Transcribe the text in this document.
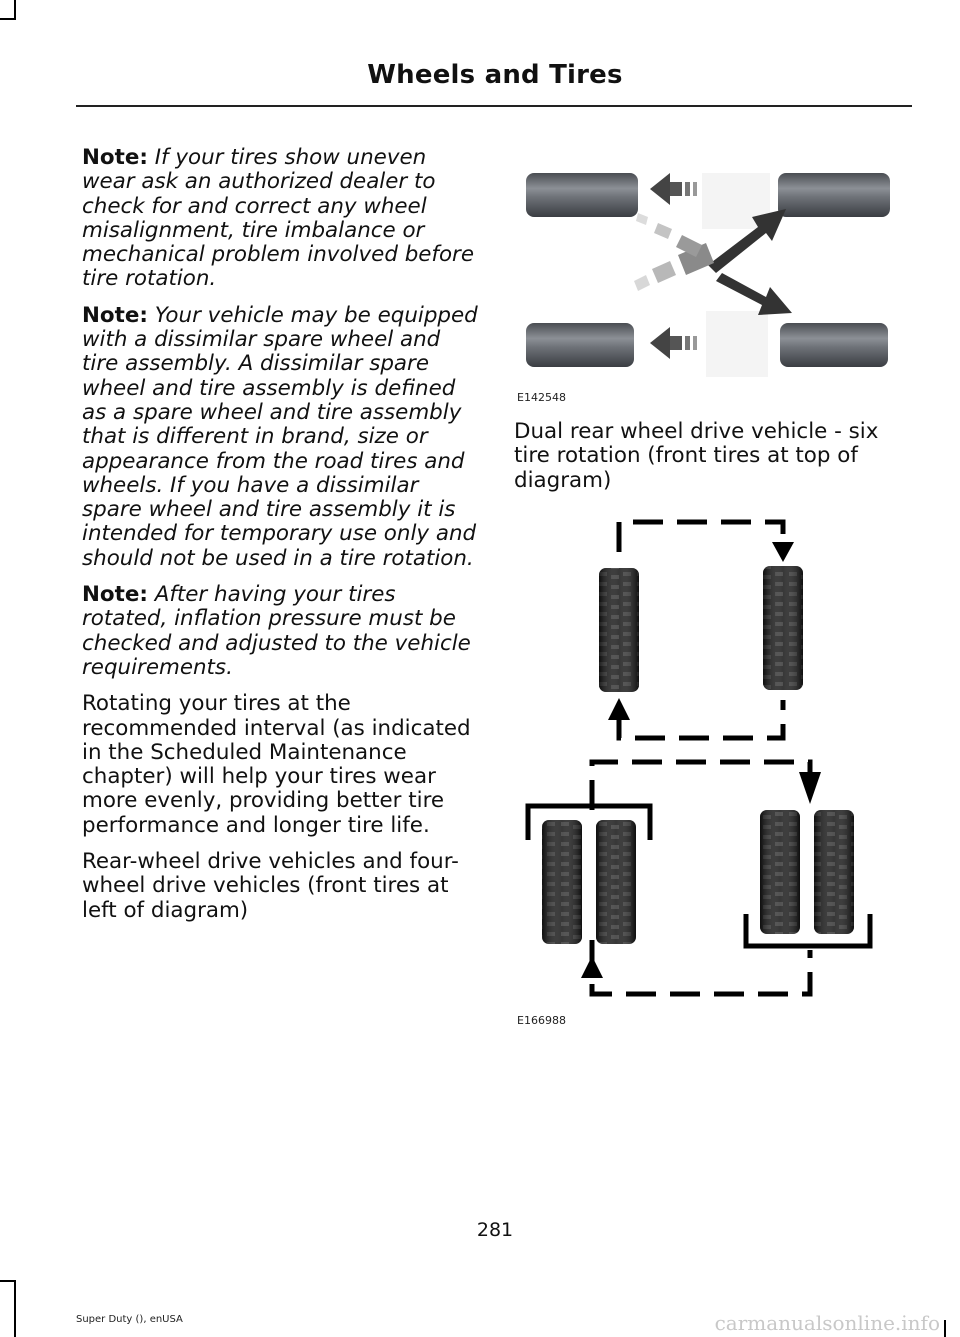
Wheels and Tires

Note: If your tires show uneven wear ask an authorized dealer to check for and correct any wheel misalignment, tire imbalance or mechanical problem involved before tire rotation.

Note: Your vehicle may be equipped with a dissimilar spare wheel and tire assembly. A dissimilar spare wheel and tire assembly is defined as a spare wheel and tire assembly that is different in brand, size or appearance from the road tires and wheels. If you have a dissimilar spare wheel and tire assembly it is intended for temporary use only and should not be used in a tire rotation.

Note: After having your tires rotated, inflation pressure must be checked and adjusted to the vehicle requirements.

Rotating your tires at the recommended interval (as indicated in the Scheduled Maintenance chapter) will help your tires wear more evenly, providing better tire performance and longer tire life.

Rear-wheel drive vehicles and four-wheel drive vehicles (front tires at left of diagram)

E142548
Dual rear wheel drive vehicle - six tire rotation (front tires at top of diagram)
E166988
281
Super Duty (), enUSA	carmanualsonline.info
